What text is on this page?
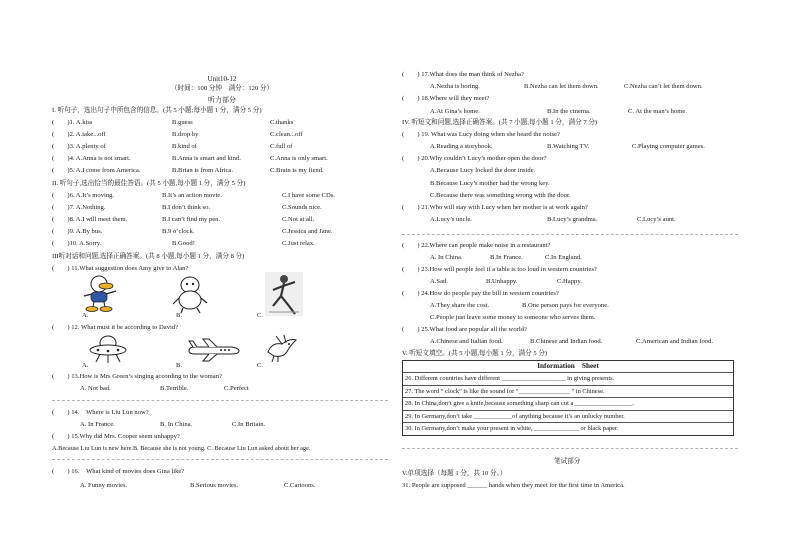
Unit10-12
（时间：100 分钟　满分：120 分）
听力部分
I. 听句子，选出句子中所包含的信息。(共 5 小题;每小题 1 分，满分 5 分)
(　　)1. A.kiss	B.guess	C.thanks
(　　)2. A.take...off	B.drop by	C.clean...off
(　　)3. A.plenty of	B.kind of	C.full of
(　　)4. A.Anna is not smart.	B.Anna is smart and kind.	C.Anna is only smart.
(　　)5. A.I come from America.	B.Brian is from Africa.	C.Brain is my fiend.
II. 听句子,选出恰当的最佳答语。(共 5 小题,每小题 1 分，满分 5 分)
(　　)6. A.It’s moving.	B.It’s an action movie.	C.I have some CDs.
(　　)7. A.Nothing.	B.I don’t think so.	C.Sounds nice.
(　　)8. A.I will meet them.	B.I can’t find my pen.	C.Not at all.
(　　)9. A.By bus.	B.9 o’clock.	C.Jessica and Jane.
(　　)10. A.Sorry.	B.Good!	C.Just relax.
III听对话和问题,选择正确答案。(共 8 小题,每小题 1 分，满分 8 分)
(　　) 11.What suggestion does Amy give to Alan?
A.	B.	C.
(　　) 12. What must it be according to David?
A.	B.	C.
(　　) 13.How is Mrs Green’s singing according to the woman?
A. Not bad.	B.Terrible.	C.Perfect
(　　) 14.　Where is Liu Lun now?
A. In France.	B. In China.	C.In Britain.
(　　) 15.Why did Mrs. Cooper seem unhappy?
A.Because Liu Lun is new here.B. Because she is not young. C. Because Liu Lun asked about her age.
(　　) 16.　What kind of movies does Gina like?
A. Funny movies.	B.Serious movies.	C.Cartoons.
(　　) 17.What does the man think of Nezha?
A.Nezha is boring.	B.Nezha can let them down.	C.Nezha can’t let them down.
(　　) 18.Where will they meet?
A.At Gina’s home.	B.In the cinema.	C. At the man’s home.
IV. 听短文和问题,选择正确答案。(共 7 小题,每小题 1 分，满分 7 分)
(　　) 19. What was Lucy doing when she heard the noise?
A.Reading a storybook.	B.Watching TV.	C.Playing computer games.
(　　) 20.Why couldn’t Lucy’s mother open the door?
A.Because Lucy locked the door inside.
B.Because Lucy’s mother had the wrong key.
C.Because there was something wrong with the door.
(　　) 21.Who will stay with Lucy when her mother is at work again?
A.Lucy’s uncle.	B.Lucy’s grandma.	C.Lucy’s aunt.
(　　) 22.Where can people make noise in a restaurant?
A. In China.	B.In France.	C.In England.
(　　) 23.How will people feel if a table is too loud in western countries?
A.Sad.	B.Unhappy.	C.Happy.
(　　) 24.How do people pay the bill in western countries?
A.They share the cost.	B.One person pays for everyone.
C.People just leave some money to someone who serves them.
(　　) 25.What food are popular all the world?
A.Chinese and Italian food.	B.Chinese and Indian food.	C.American and Indian food.
V. 听短文填空。(共 5 小题,每小题 1 分，满分 5 分)
Information　Sheet
26. Different countries have different ____________________ in giving presents.
27. The word “ clock” is like the sound for “________________ ” in Chinese.
28. In China,don’t give a knife,because something sharp can cut a __________________.
29. In Germany,don’t take ____________of anything because it’s an unlucky number.
30. In Germany,don’t make your present in white, ______________ or black paper.
笔试部分
V.单项选择（每题 1 分，共 10 分。）
31. People are supposed ______ hands when they meet for the first time in America.
